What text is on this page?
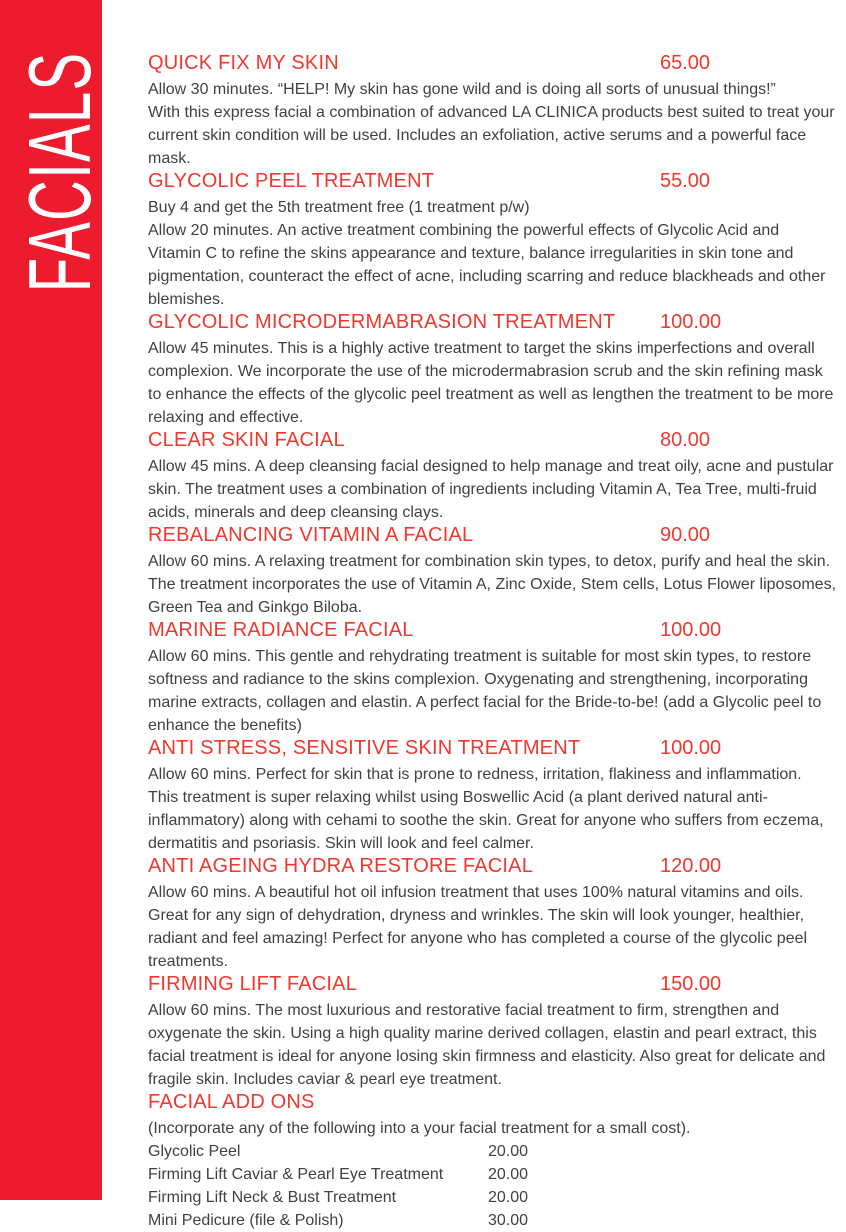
FACIALS QUICK FIX MY SKIN	65.00
Allow 30 minutes. “HELP! My skin has gone wild and is doing all sorts of unusual things!”
With this express facial a combination of advanced LA CLINICA products best suited to treat your current skin condition will be used. Includes an exfoliation, active serums and a powerful face mask.
GLYCOLIC PEEL TREATMENT	55.00
Buy 4 and get the 5th treatment free (1 treatment p/w)
Allow 20 minutes. An active treatment combining the powerful effects of Glycolic Acid and Vitamin C to refine the skins appearance and texture, balance irregularities in skin tone and pigmentation, counteract the effect of acne, including scarring and reduce blackheads and other blemishes.
GLYCOLIC MICRODERMABRASION TREATMENT 100.00
Allow 45 minutes. This is a highly active treatment to target the skins imperfections and overall complexion. We incorporate the use of the microdermabrasion scrub and the skin refining mask to enhance the effects of the glycolic peel treatment as well as lengthen the treatment to be more relaxing and effective.
CLEAR SKIN FACIAL	80.00
Allow 45 mins. A deep cleansing facial designed to help manage and treat oily, acne and pustular skin. The treatment uses a combination of ingredients including Vitamin A, Tea Tree, multi-fruid acids, minerals and deep cleansing clays.
REBALANCING VITAMIN A FACIAL	90.00
Allow 60 mins. A relaxing treatment for combination skin types, to detox, purify and heal the skin. The treatment incorporates the use of Vitamin A, Zinc Oxide, Stem cells, Lotus Flower liposomes, Green Tea and Ginkgo Biloba.
MARINE RADIANCE FACIAL	100.00
Allow 60 mins. This gentle and rehydrating treatment is suitable for most skin types, to restore softness and radiance to the skins complexion. Oxygenating and strengthening, incorporating marine extracts, collagen and elastin. A perfect facial for the Bride-to-be! (add a Glycolic peel to enhance the benefits)
ANTI STRESS, SENSITIVE SKIN TREATMENT	100.00
Allow 60 mins. Perfect for skin that is prone to redness, irritation, flakiness and inflammation.
This treatment is super relaxing whilst using Boswellic Acid (a plant derived natural anti-inflammatory) along with cehami to soothe the skin. Great for anyone who suffers from eczema, dermatitis and psoriasis. Skin will look and feel calmer.
ANTI AGEING HYDRA RESTORE FACIAL	120.00
Allow 60 mins. A beautiful hot oil infusion treatment that uses 100% natural vitamins and oils.
Great for any sign of dehydration, dryness and wrinkles. The skin will look younger, healthier, radiant and feel amazing! Perfect for anyone who has completed a course of the glycolic peel treatments.
FIRMING LIFT FACIAL	150.00
Allow 60 mins. The most luxurious and restorative facial treatment to firm, strengthen and oxygenate the skin. Using a high quality marine derived collagen, elastin and pearl extract, this facial treatment is ideal for anyone losing skin firmness and elasticity. Also great for delicate and fragile skin. Includes caviar & pearl eye treatment.
FACIAL ADD ONS
(Incorporate any of the following into a your facial treatment for a small cost).
Glycolic Peel	20.00
Firming Lift Caviar & Pearl Eye Treatment	20.00
Firming Lift Neck & Bust Treatment	20.00
Mini Pedicure (file & Polish)	30.00
